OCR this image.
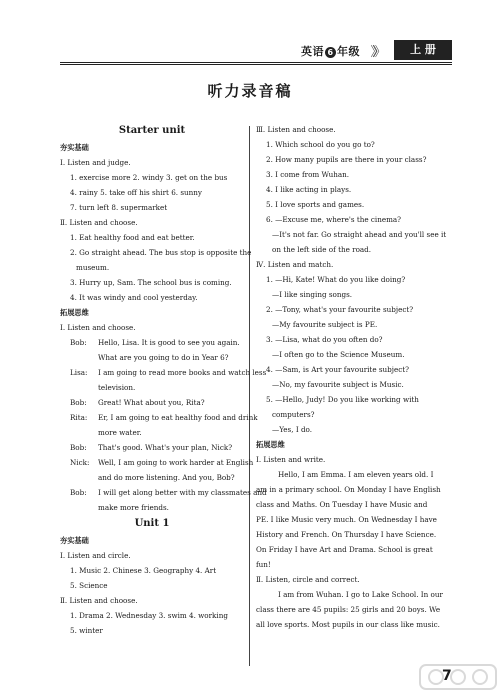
英语 6 年级 》》	上 册
听力录音稿
Starter unit
夯实基础
Ⅰ. Listen and judge.
1. exercise more 2. windy 3. get on the bus
4. rainy 5. take off his shirt 6. sunny
7. turn left 8. supermarket
Ⅱ. Listen and choose.
1. Eat healthy food and eat better.
2. Go straight ahead. The bus stop is opposite the
museum.
3. Hurry up, Sam. The school bus is coming.
4. It was windy and cool yesterday.
拓展思维
Ⅰ. Listen and choose.
Bob:	Hello, Lisa. It is good to see you again.
What are you going to do in Year 6?
Lisa:	I am going to read more books and watch less
television.
Bob:	Great! What about you, Rita?
Rita:	Er, I am going to eat healthy food and drink
more water.
Bob:	That's good. What's your plan, Nick?
Nick:	Well, I am going to work harder at English
and do more listening. And you, Bob?
Bob:	I will get along better with my classmates and
make more friends.
Unit 1
夯实基础
Ⅰ. Listen and circle.
1. Music 2. Chinese 3. Geography 4. Art
5. Science
Ⅱ. Listen and choose.
1. Drama 2. Wednesday 3. swim 4. working
5. winter
Ⅲ. Listen and choose.
1. Which school do you go to?
2. How many pupils are there in your class?
3. I come from Wuhan.
4. I like acting in plays.
5. I love sports and games.
6. —Excuse me, where's the cinema?
—It's not far. Go straight ahead and you'll see it
on the left side of the road.
Ⅳ. Listen and match.
1. —Hi, Kate! What do you like doing?
—I like singing songs.
2. —Tony, what's your favourite subject?
—My favourite subject is PE.
3. —Lisa, what do you often do?
—I often go to the Science Museum.
4. —Sam, is Art your favourite subject?
—No, my favourite subject is Music.
5. —Hello, Judy! Do you like working with
computers?
—Yes, I do.
拓展思维
Ⅰ. Listen and write.
Hello, I am Emma. I am eleven years old. I
am in a primary school. On Monday I have English
class and Maths. On Tuesday I have Music and
PE. I like Music very much. On Wednesday I have
History and French. On Thursday I have Science.
On Friday I have Art and Drama. School is great
fun!
Ⅱ. Listen, circle and correct.
I am from Wuhan. I go to Lake School. In our
class there are 45 pupils: 25 girls and 20 boys. We
all love sports. Most pupils in our class like music.
7
